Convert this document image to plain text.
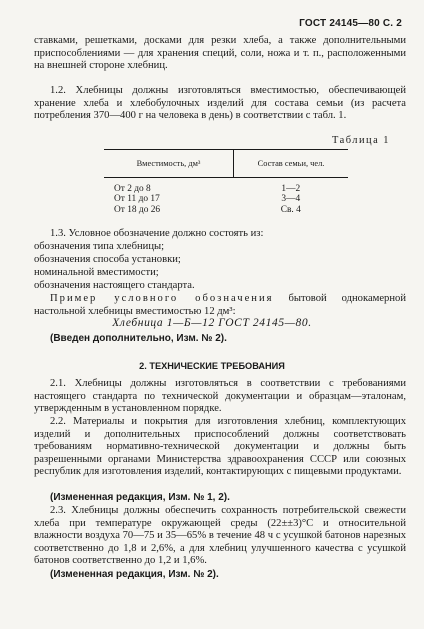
ГОСТ 24145—80 С. 2
ставками, решетками, досками для резки хлеба, а также дополнительными приспособлениями — для хранения специй, соли, ножа и т. п., расположенными на внешней стороне хлебниц.
1.2. Хлебницы должны изготовляться вместимостью, обеспечивающей хранение хлеба и хлебобулочных изделий для состава семьи (из расчета потребления 370—400 г на человека в день) в соответствии с табл. 1.
Таблица 1
Вместимость, дм³	Состав семьи, чел.
От 2 до 8	1—2
От 11 до 17	3—4
От 18 до 26	Св. 4
1.3. Условное обозначение должно состоять из:
обозначения типа хлебницы;
обозначения способа установки;
номинальной вместимости;
обозначения настоящего стандарта.
Пример условного обозначения бытовой однокамерной настольной хлебницы вместимостью 12 дм³:
Хлебница 1—Б—12 ГОСТ 24145—80.
(Введен дополнительно, Изм. № 2).
2. ТЕХНИЧЕСКИЕ ТРЕБОВАНИЯ
2.1. Хлебницы должны изготовляться в соответствии с требованиями настоящего стандарта по технической документации и образцам—эталонам, утвержденным в установленном порядке.
2.2. Материалы и покрытия для изготовления хлебниц, комплектующих изделий и дополнительных приспособлений должны соответствовать требованиям нормативно-технической документации и должны быть разрешенными органами Министерства здравоохранения СССР или союзных республик для изготовления изделий, контактирующих с пищевыми продуктами.
(Измененная редакция, Изм. № 1, 2).
2.3. Хлебницы должны обеспечить сохранность потребительской свежести хлеба при температуре окружающей среды (22±±3)°С и относительной влажности воздуха 70—75 и 35—65% в течение 48 ч с усушкой батонов нарезных соответственно до 1,8 и 2,6%, а для хлебниц улучшенного качества с усушкой батонов соответственно до 1,2 и 1,6%.
(Измененная редакция, Изм. № 2).
